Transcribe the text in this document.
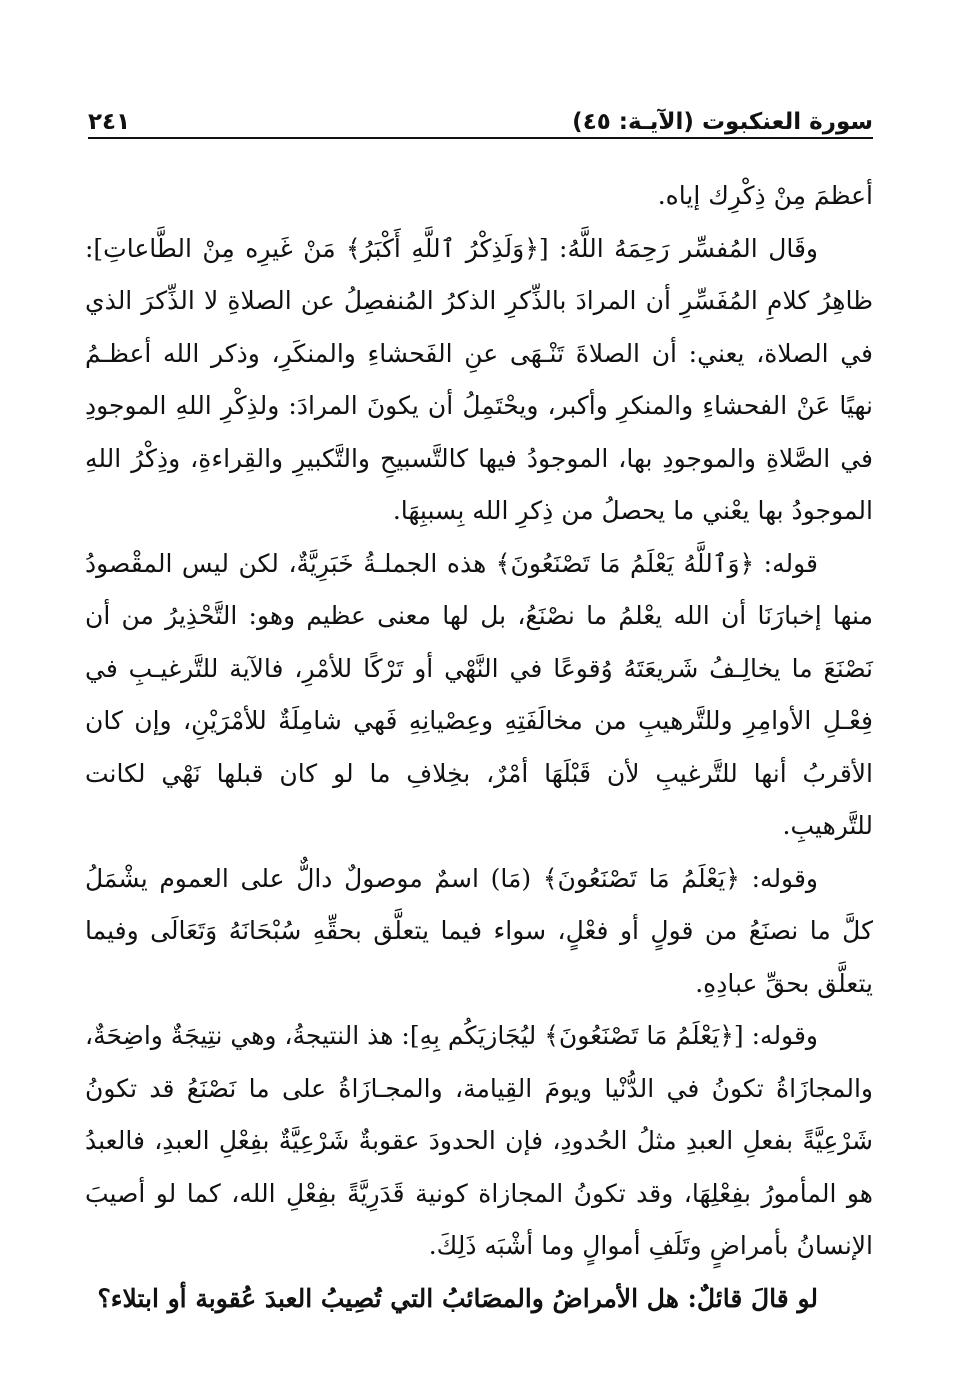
٢٤١	سورة العنكبوت (الآيـة: ٤٥)

أعظمَ مِنْ ذِكْرِك إياه.

وقَال المُفسِّر رَحِمَهُ اللَّهُ: [﴿وَلَذِكْرُ ٱللَّهِ أَكْبَرُ﴾ مَنْ غَيرِه مِنْ الطَّاعاتِ]: ظاهِرُ كلامِ المُفَسِّرِ أن المرادَ بالذِّكرِ الذكرُ المُنفصِلُ عن الصلاةِ لا الذِّكرَ الذي في الصلاة، يعني: أن الصلاةَ تَنْـهَى عنِ الفَحشاءِ والمنكَرِ، وذكر الله أعظـمُ نهيًا عَنْ الفحشاءِ والمنكرِ وأكبر، ويحْتَمِلُ أن يكونَ المرادَ: ولذِكْرِ اللهِ الموجودِ في الصَّلاةِ والموجودِ بها، الموجودُ فيها كالتَّسبيحِ والتَّكبيرِ والقِراءةِ، وذِكْرُ اللهِ الموجودُ بها يعْني ما يحصلُ من ذِكرِ الله بِسببِهَا.

قوله: ﴿وَٱللَّهُ يَعْلَمُ مَا تَصْنَعُونَ﴾ هذه الجملـةُ خَبَرِيَّةٌ، لكن ليس المقْصودُ منها إخبارَنَا أن الله يعْلمُ ما نصْنَعُ، بل لها معنى عظيم وهو: التَّحْذِيرُ من أن نَصْنَعَ ما يخالِـفُ شَريعَتَهُ وُقوعًا في النَّهْي أو تَرْكًا للأمْرِ، فالآية للتَّرغيـبِ في فِعْـلِ الأوامِرِ وللتَّرهيبِ من مخالَفَتِهِ وعِصْيانِهِ فَهي شامِلَةٌ للأمْرَيْنِ، وإن كان الأقربُ أنها للتَّرغيبِ لأن قَبْلَهَا أمْرٌ، بخِلافِ ما لو كان قبلها نَهْي لكانت للتَّرهيبِ.

وقوله: ﴿يَعْلَمُ مَا تَصْنَعُونَ﴾ (مَا) اسمٌ موصولٌ دالٌّ على العموم يشْمَلُ كلَّ ما نصنَعُ من قولٍ أو فعْلٍ، سواء فيما يتعلَّق بحقِّهِ سُبْحَانَهُ وَتَعَالَى وفيما يتعلَّق بحقِّ عبادِهِ.

وقوله: [﴿يَعْلَمُ مَا تَصْنَعُونَ﴾ ليُجَازيَكُم بِهِ]: هذ النتيجةُ، وهي نتِيجَةٌ واضِحَةٌ، والمجازَاةُ تكونُ في الدُّنْيا ويومَ القِيامة، والمجـازَاةُ على ما نَصْنَعُ قد تكونُ شَرْعِيَّةً بفعلِ العبدِ مثلُ الحُدودِ، فإن الحدودَ عقوبةٌ شَرْعِيَّةٌ بفِعْلِ العبدِ، فالعبدُ هو المأمورُ بفِعْلِهَا، وقد تكونُ المجازاة كونية قَدَرِيَّةً بفِعْلِ الله، كما لو أصيبَ الإنسانُ بأمراضٍ وتَلَفِ أموالٍ وما أشْبَه ذَلِكَ.

لو قالَ قائلٌ: هل الأمراضُ والمصَائبُ التي تُصِيبُ العبدَ عُقوبة أو ابتلاء؟
